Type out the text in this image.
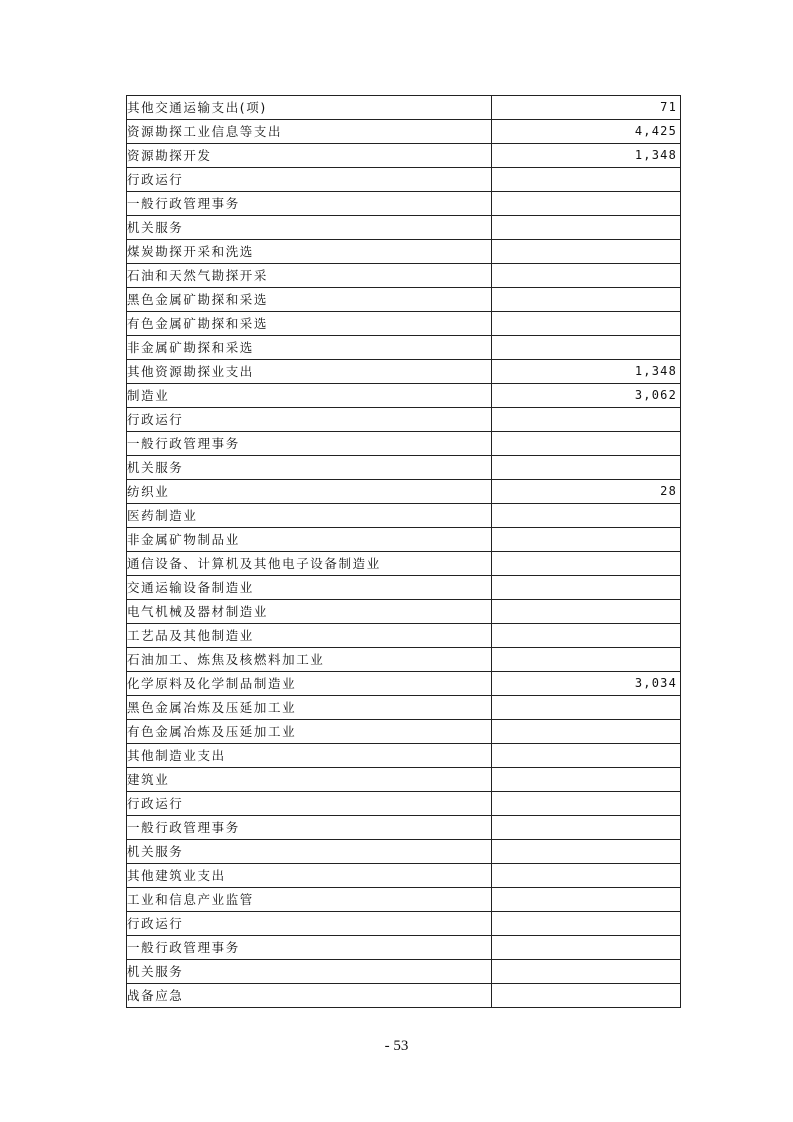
其他交通运输支出(项)	71
资源勘探工业信息等支出	4,425
资源勘探开发	1,348
行政运行	
一般行政管理事务	
机关服务	
煤炭勘探开采和洗选	
石油和天然气勘探开采	
黑色金属矿勘探和采选	
有色金属矿勘探和采选	
非金属矿勘探和采选	
其他资源勘探业支出	1,348
制造业	3,062
行政运行	
一般行政管理事务	
机关服务	
纺织业	28
医药制造业	
非金属矿物制品业	
通信设备、计算机及其他电子设备制造业	
交通运输设备制造业	
电气机械及器材制造业	
工艺品及其他制造业	
石油加工、炼焦及核燃料加工业	
化学原料及化学制品制造业	3,034
黑色金属冶炼及压延加工业	
有色金属冶炼及压延加工业	
其他制造业支出	
建筑业	
行政运行	
一般行政管理事务	
机关服务	
其他建筑业支出	
工业和信息产业监管	
行政运行	
一般行政管理事务	
机关服务	
战备应急	
- 53
